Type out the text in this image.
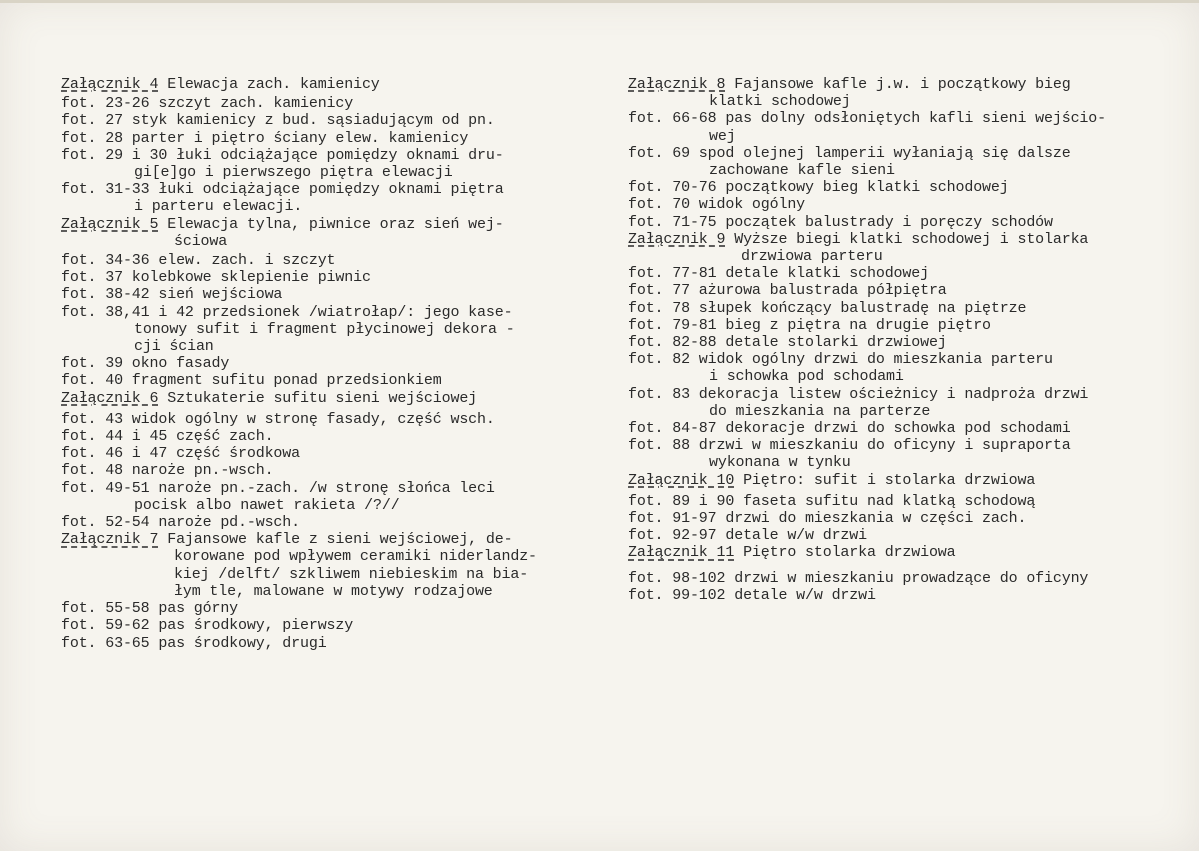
Załącznik 4 Elewacja zach. kamienicy
fot. 23-26 szczyt zach. kamienicy
fot. 27 styk kamienicy z bud. sąsiadującym od pn.
fot. 28 parter i piętro ściany elew. kamienicy
fot. 29 i 30 łuki odciążające pomiędzy oknami dru-
gi[e]go i pierwszego piętra elewacji
fot. 31-33 łuki odciążające pomiędzy oknami piętra
i parteru elewacji.
Załącznik 5 Elewacja tylna, piwnice oraz sień wej-
ściowa
fot. 34-36 elew. zach. i szczyt
fot. 37 kolebkowe sklepienie piwnic
fot. 38-42 sień wejściowa
fot. 38,41 i 42 przedsionek /wiatrołap/: jego kase-
tonowy sufit i fragment płycinowej dekora -
cji ścian
fot. 39 okno fasady
fot. 40 fragment sufitu ponad przedsionkiem
Załącznik 6 Sztukaterie sufitu sieni wejściowej
fot. 43 widok ogólny w stronę fasady, część wsch.
fot. 44 i 45 część zach.
fot. 46 i 47 część środkowa
fot. 48 naroże pn.-wsch.
fot. 49-51 naroże pn.-zach. /w stronę słońca leci
pocisk albo nawet rakieta /?//
fot. 52-54 naroże pd.-wsch.
Załącznik 7 Fajansowe kafle z sieni wejściowej, de-
korowane pod wpływem ceramiki niderlandz-
kiej /delft/ szkliwem niebieskim na bia-
łym tle, malowane w motywy rodzajowe
fot. 55-58 pas górny
fot. 59-62 pas środkowy, pierwszy
fot. 63-65 pas środkowy, drugi
Załącznik 8 Fajansowe kafle j.w. i początkowy bieg
klatki schodowej
fot. 66-68 pas dolny odsłoniętych kafli sieni wejścio-
wej
fot. 69 spod olejnej lamperii wyłaniają się dalsze
zachowane kafle sieni
fot. 70-76 początkowy bieg klatki schodowej
fot. 70 widok ogólny
fot. 71-75 początek balustrady i poręczy schodów
Załącznik 9 Wyższe biegi klatki schodowej i stolarka
drzwiowa parteru
fot. 77-81 detale klatki schodowej
fot. 77 ażurowa balustrada półpiętra
fot. 78 słupek kończący balustradę na piętrze
fot. 79-81 bieg z piętra na drugie piętro
fot. 82-88 detale stolarki drzwiowej
fot. 82 widok ogólny drzwi do mieszkania parteru
i schowka pod schodami
fot. 83 dekoracja listew ościeżnicy i nadproża drzwi
do mieszkania na parterze
fot. 84-87 dekoracje drzwi do schowka pod schodami
fot. 88 drzwi w mieszkaniu do oficyny i supraporta
wykonana w tynku
Załącznik 10 Piętro: sufit i stolarka drzwiowa
fot. 89 i 90 faseta sufitu nad klatką schodową
fot. 91-97 drzwi do mieszkania w części zach.
fot. 92-97 detale w/w drzwi
Załącznik 11 Piętro stolarka drzwiowa
fot. 98-102 drzwi w mieszkaniu prowadzące do oficyny
fot. 99-102 detale w/w drzwi
